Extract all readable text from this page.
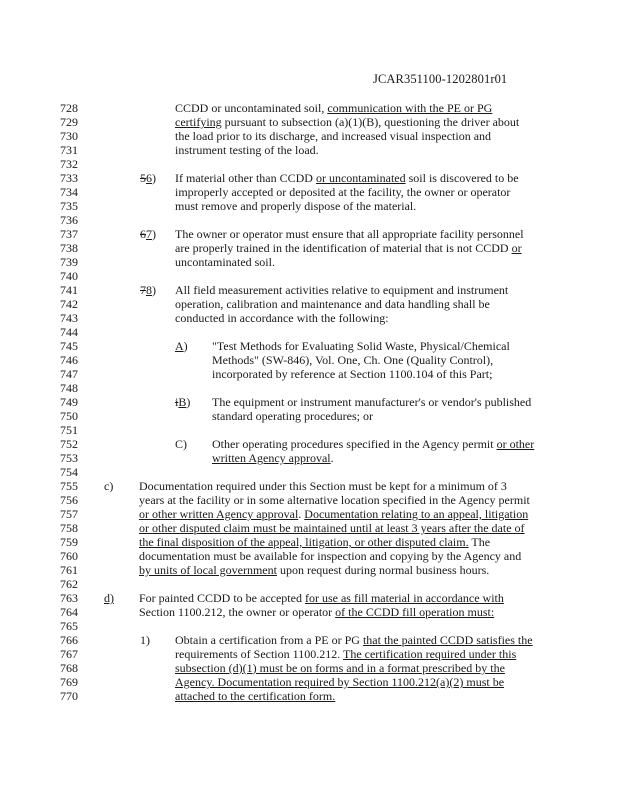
JCAR351100-1202801r01
728
729
730
731
732
733
734
735
736
737
738
739
740
741
742
743
744
745
746
747
748
749
750
751
752
753
754
755
756
757
758
759
760
761
762
763
764
765
766
767
768
769
770
CCDD or uncontaminated soil, communication with the PE or PG
certifying pursuant to subsection (a)(1)(B), questioning the driver about
the load prior to its discharge, and increased visual inspection and
instrument testing of the load.
56) If material other than CCDD or uncontaminated soil is discovered to be
improperly accepted or deposited at the facility, the owner or operator
must remove and properly dispose of the material.
67) The owner or operator must ensure that all appropriate facility personnel
are properly trained in the identification of material that is not CCDD or
uncontaminated soil.
78) All field measurement activities relative to equipment and instrument
operation, calibration and maintenance and data handling shall be
conducted in accordance with the following:
A) "Test Methods for Evaluating Solid Waste, Physical/Chemical
Methods" (SW-846), Vol. One, Ch. One (Quality Control),
incorporated by reference at Section 1100.104 of this Part;
iB) The equipment or instrument manufacturer's or vendor's published
standard operating procedures; or
C) Other operating procedures specified in the Agency permit or other
written Agency approval.
c) Documentation required under this Section must be kept for a minimum of 3
years at the facility or in some alternative location specified in the Agency permit
or other written Agency approval. Documentation relating to an appeal, litigation
or other disputed claim must be maintained until at least 3 years after the date of
the final disposition of the appeal, litigation, or other disputed claim. The
documentation must be available for inspection and copying by the Agency and
by units of local government upon request during normal business hours.
d) For painted CCDD to be accepted for use as fill material in accordance with
Section 1100.212, the owner or operator of the CCDD fill operation must:
1) Obtain a certification from a PE or PG that the painted CCDD satisfies the
requirements of Section 1100.212. The certification required under this
subsection (d)(1) must be on forms and in a format prescribed by the
Agency. Documentation required by Section 1100.212(a)(2) must be
attached to the certification form.
